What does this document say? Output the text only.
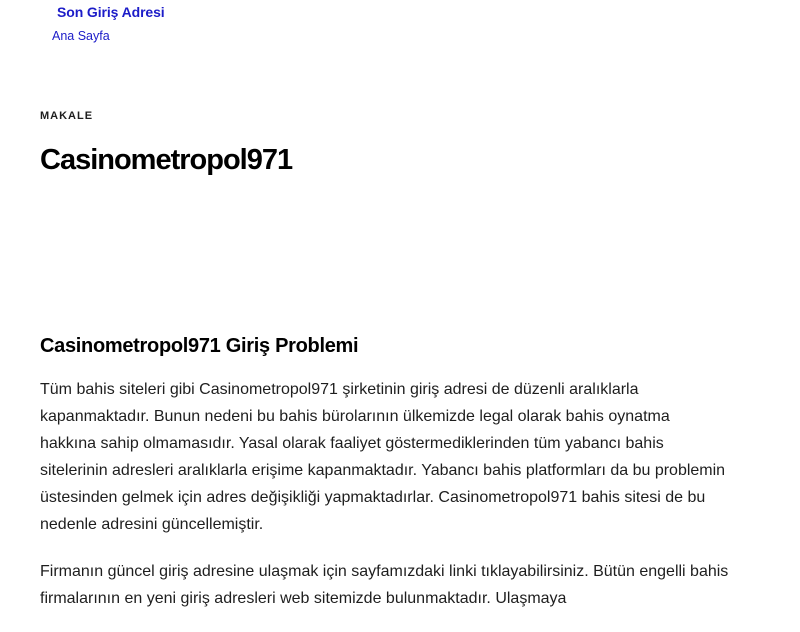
Son Giriş Adresi
Ana Sayfa
MAKALE
Casinometropol971
Casinometropol971 Giriş Problemi

Tüm bahis siteleri gibi Casinometropol971 şirketinin giriş adresi de düzenli aralıklarla kapanmaktadır. Bunun nedeni bu bahis bürolarının ülkemizde legal olarak bahis oynatma hakkına sahip olmamasıdır. Yasal olarak faaliyet göstermediklerinden tüm yabancı bahis sitelerinin adresleri aralıklarla erişime kapanmaktadır. Yabancı bahis platformları da bu problemin üstesinden gelmek için adres değişikliği yapmaktadırlar. Casinometropol971 bahis sitesi de bu nedenle adresini güncellemiştir.

Firmanın güncel giriş adresine ulaşmak için sayfamızdaki linki tıklayabilirsiniz. Bütün engelli bahis firmalarının en yeni giriş adresleri web sitemizde bulunmaktadır. Ulaşmaya
